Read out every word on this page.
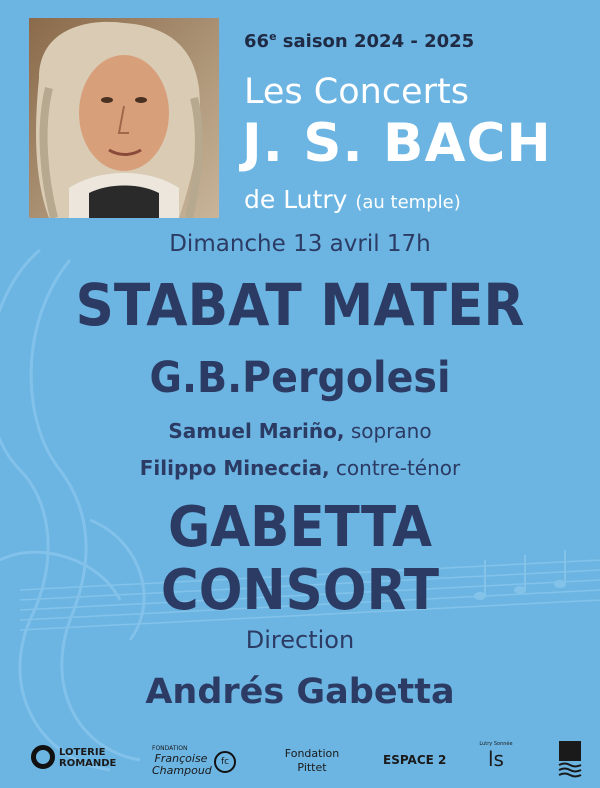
66e saison 2024 - 2025
Les Concerts
J. S. BACH
de Lutry (au temple)
Dimanche 13 avril 17h
STABAT MATER
G.B.Pergolesi
Samuel Mariño, soprano
Filippo Mineccia, contre-ténor
GABETTA
CONSORT
Direction
Andrés Gabetta
LOTERIE
ROMANDE
FONDATION
Françoise
Champoud
fc
Fondation
Pittet
ESPACE 2
Lutry Sonnée
ls
